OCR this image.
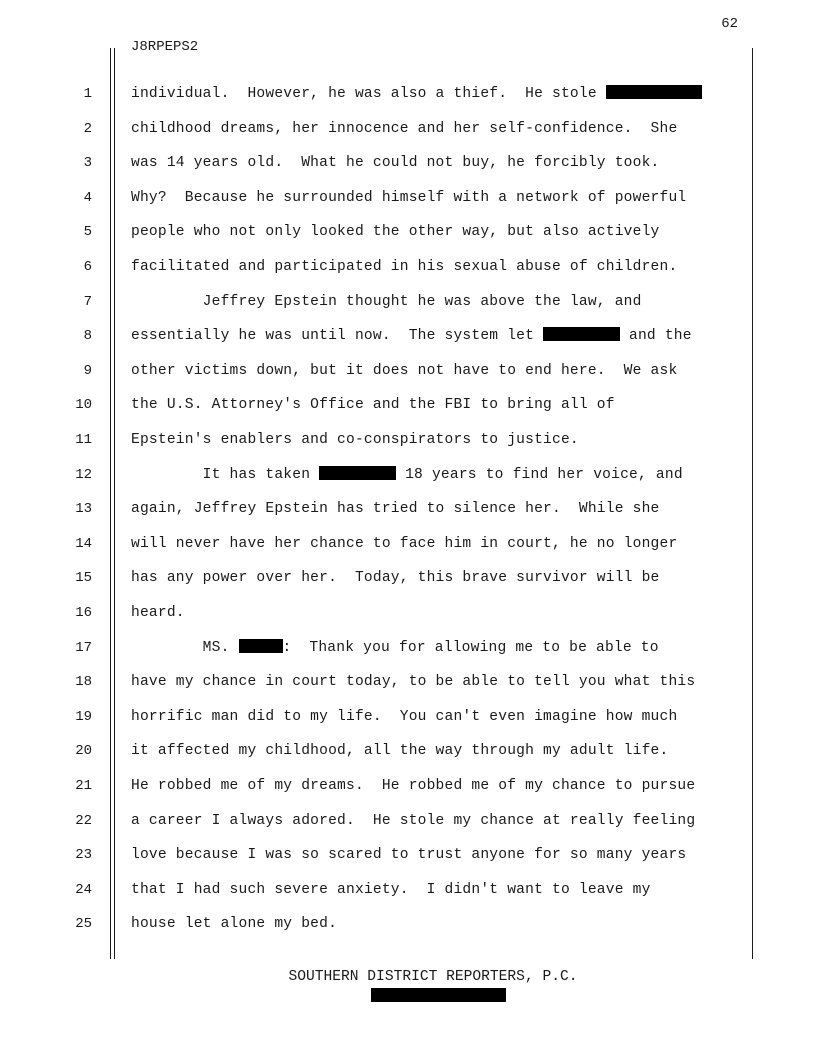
62
J8RPEPS2
1	individual.  However, he was also a thief.  He stole
2	childhood dreams, her innocence and her self-confidence.  She
3	was 14 years old.  What he could not buy, he forcibly took.
4	Why?  Because he surrounded himself with a network of powerful
5	people who not only looked the other way, but also actively
6	facilitated and participated in his sexual abuse of children.
7	Jeffrey Epstein thought he was above the law, and
8	essentially he was until now.  The system let	and the
9	other victims down, but it does not have to end here.  We ask
10	the U.S. Attorney's Office and the FBI to bring all of
11	Epstein's enablers and co-conspirators to justice.
12	It has taken	18 years to find her voice, and
13	again, Jeffrey Epstein has tried to silence her.  While she
14	will never have her chance to face him in court, he no longer
15	has any power over her.  Today, this brave survivor will be
16	heard.
17	MS.	:  Thank you for allowing me to be able to
18	have my chance in court today, to be able to tell you what this
19	horrific man did to my life.  You can't even imagine how much
20	it affected my childhood, all the way through my adult life.
21	He robbed me of my dreams.  He robbed me of my chance to pursue
22	a career I always adored.  He stole my chance at really feeling
23	love because I was so scared to trust anyone for so many years
24	that I had such severe anxiety.  I didn't want to leave my
25	house let alone my bed.
SOUTHERN DISTRICT REPORTERS, P.C.
